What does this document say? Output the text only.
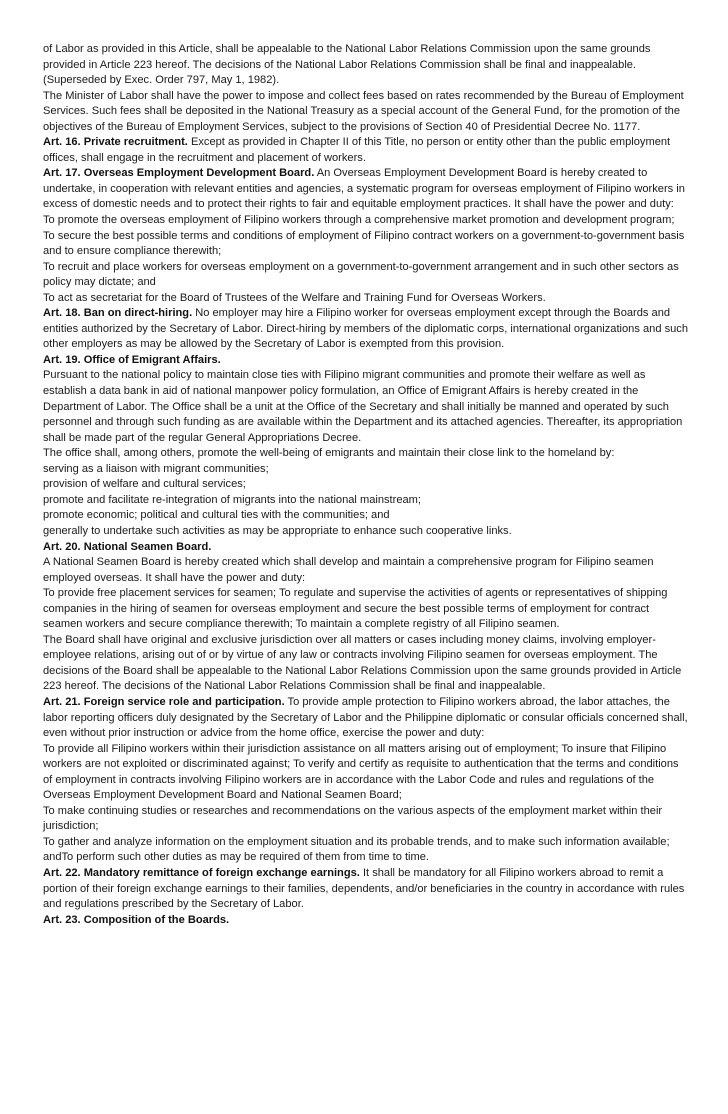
of Labor as provided in this Article, shall be appealable to the National Labor Relations Commission upon the same grounds provided in Article 223 hereof. The decisions of the National Labor Relations Commission shall be final and inappealable. (Superseded by Exec. Order 797, May 1, 1982).

The Minister of Labor shall have the power to impose and collect fees based on rates recommended by the Bureau of Employment Services. Such fees shall be deposited in the National Treasury as a special account of the General Fund, for the promotion of the objectives of the Bureau of Employment Services, subject to the provisions of Section 40 of Presidential Decree No. 1177.

Art. 16. Private recruitment. Except as provided in Chapter II of this Title, no person or entity other than the public employment offices, shall engage in the recruitment and placement of workers.

Art. 17. Overseas Employment Development Board. An Overseas Employment Development Board is hereby created to undertake, in cooperation with relevant entities and agencies, a systematic program for overseas employment of Filipino workers in excess of domestic needs and to protect their rights to fair and equitable employment practices. It shall have the power and duty:

To promote the overseas employment of Filipino workers through a comprehensive market promotion and development program;

To secure the best possible terms and conditions of employment of Filipino contract workers on a government-to-government basis and to ensure compliance therewith;

To recruit and place workers for overseas employment on a government-to-government arrangement and in such other sectors as policy may dictate; and

To act as secretariat for the Board of Trustees of the Welfare and Training Fund for Overseas Workers.

Art. 18. Ban on direct-hiring. No employer may hire a Filipino worker for overseas employment except through the Boards and entities authorized by the Secretary of Labor. Direct-hiring by members of the diplomatic corps, international organizations and such other employers as may be allowed by the Secretary of Labor is exempted from this provision.

Art. 19. Office of Emigrant Affairs.

Pursuant to the national policy to maintain close ties with Filipino migrant communities and promote their welfare as well as establish a data bank in aid of national manpower policy formulation, an Office of Emigrant Affairs is hereby created in the Department of Labor. The Office shall be a unit at the Office of the Secretary and shall initially be manned and operated by such personnel and through such funding as are available within the Department and its attached agencies. Thereafter, its appropriation shall be made part of the regular General Appropriations Decree.

The office shall, among others, promote the well-being of emigrants and maintain their close link to the homeland by:

serving as a liaison with migrant communities;

provision of welfare and cultural services;

promote and facilitate re-integration of migrants into the national mainstream;

promote economic; political and cultural ties with the communities; and

generally to undertake such activities as may be appropriate to enhance such cooperative links.

Art. 20. National Seamen Board.

A National Seamen Board is hereby created which shall develop and maintain a comprehensive program for Filipino seamen employed overseas. It shall have the power and duty:

To provide free placement services for seamen; To regulate and supervise the activities of agents or representatives of shipping companies in the hiring of seamen for overseas employment and secure the best possible terms of employment for contract seamen workers and secure compliance therewith; To maintain a complete registry of all Filipino seamen.

The Board shall have original and exclusive jurisdiction over all matters or cases including money claims, involving employer-employee relations, arising out of or by virtue of any law or contracts involving Filipino seamen for overseas employment. The decisions of the Board shall be appealable to the National Labor Relations Commission upon the same grounds provided in Article 223 hereof. The decisions of the National Labor Relations Commission shall be final and inappealable.

Art. 21. Foreign service role and participation. To provide ample protection to Filipino workers abroad, the labor attaches, the labor reporting officers duly designated by the Secretary of Labor and the Philippine diplomatic or consular officials concerned shall, even without prior instruction or advice from the home office, exercise the power and duty:

To provide all Filipino workers within their jurisdiction assistance on all matters arising out of employment; To insure that Filipino workers are not exploited or discriminated against; To verify and certify as requisite to authentication that the terms and conditions of employment in contracts involving Filipino workers are in accordance with the Labor Code and rules and regulations of the Overseas Employment Development Board and National Seamen Board;

To make continuing studies or researches and recommendations on the various aspects of the employment market within their jurisdiction;

To gather and analyze information on the employment situation and its probable trends, and to make such information available; andTo perform such other duties as may be required of them from time to time.

Art. 22. Mandatory remittance of foreign exchange earnings. It shall be mandatory for all Filipino workers abroad to remit a portion of their foreign exchange earnings to their families, dependents, and/or beneficiaries in the country in accordance with rules and regulations prescribed by the Secretary of Labor.

Art. 23. Composition of the Boards.
